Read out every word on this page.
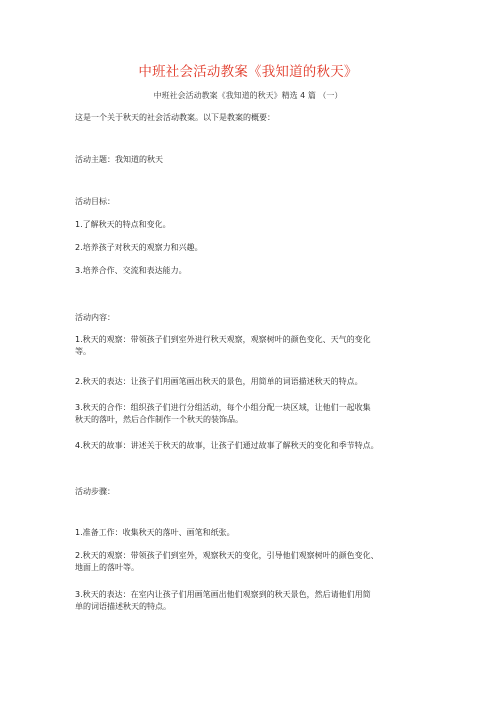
中班社会活动教案《我知道的秋天》
中班社会活动教案《我知道的秋天》精选 4 篇 （一）
这是一个关于秋天的社会活动教案。以下是教案的概要：
活动主题：我知道的秋天
活动目标：
1.了解秋天的特点和变化。
2.培养孩子对秋天的观察力和兴趣。
3.培养合作、交流和表达能力。
活动内容：
1.秋天的观察：带领孩子们到室外进行秋天观察，观察树叶的颜色变化、天气的变化
等。
2.秋天的表达：让孩子们用画笔画出秋天的景色，用简单的词语描述秋天的特点。
3.秋天的合作：组织孩子们进行分组活动，每个小组分配一块区域，让他们一起收集
秋天的落叶，然后合作制作一个秋天的装饰品。
4.秋天的故事：讲述关于秋天的故事，让孩子们通过故事了解秋天的变化和季节特点。
活动步骤：
1.准备工作：收集秋天的落叶、画笔和纸张。
2.秋天的观察：带领孩子们到室外，观察秋天的变化，引导他们观察树叶的颜色变化、
地面上的落叶等。
3.秋天的表达：在室内让孩子们用画笔画出他们观察到的秋天景色，然后请他们用简
单的词语描述秋天的特点。
